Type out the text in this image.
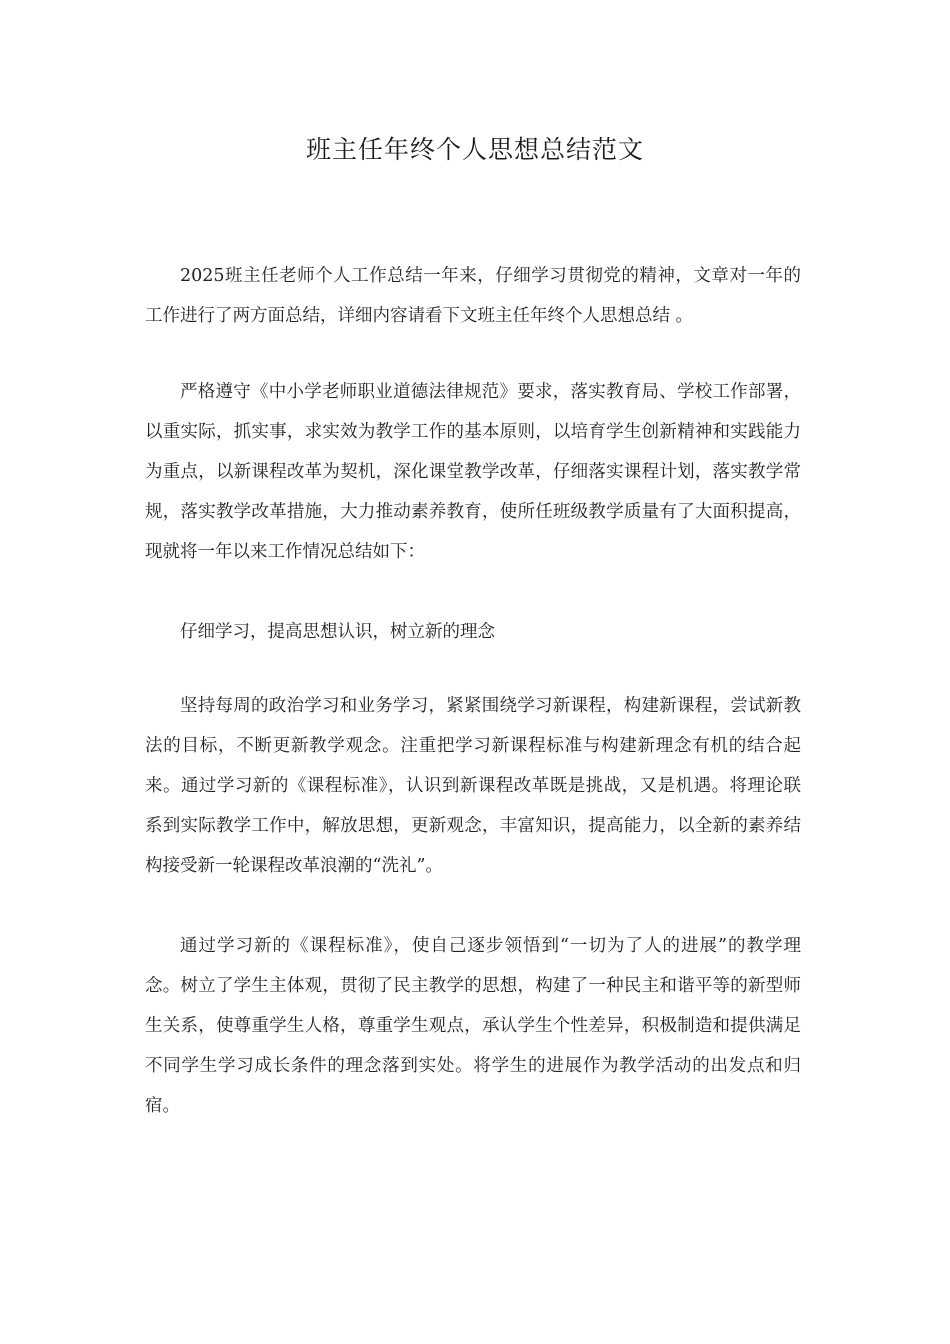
班主任年终个人思想总结范文

2025班主任老师个人工作总结一年来，仔细学习贯彻党的精神，文章对一年的工作进行了两方面总结，详细内容请看下文班主任年终个人思想总结 。

严格遵守《中小学老师职业道德法律规范》要求，落实教育局、学校工作部署，以重实际，抓实事，求实效为教学工作的基本原则，以培育学生创新精神和实践能力为重点，以新课程改革为契机，深化课堂教学改革，仔细落实课程计划，落实教学常规，落实教学改革措施，大力推动素养教育，使所任班级教学质量有了大面积提高，现就将一年以来工作情况总结如下：

仔细学习，提高思想认识，树立新的理念

坚持每周的政治学习和业务学习，紧紧围绕学习新课程，构建新课程，尝试新教法的目标，不断更新教学观念。注重把学习新课程标准与构建新理念有机的结合起来。通过学习新的《课程标准》，认识到新课程改革既是挑战，又是机遇。将理论联系到实际教学工作中，解放思想，更新观念，丰富知识，提高能力，以全新的素养结构接受新一轮课程改革浪潮的“洗礼”。

通过学习新的《课程标准》，使自己逐步领悟到“一切为了人的进展”的教学理念。树立了学生主体观，贯彻了民主教学的思想，构建了一种民主和谐平等的新型师生关系，使尊重学生人格，尊重学生观点，承认学生个性差异，积极制造和提供满足不同学生学习成长条件的理念落到实处。将学生的进展作为教学活动的出发点和归宿。
